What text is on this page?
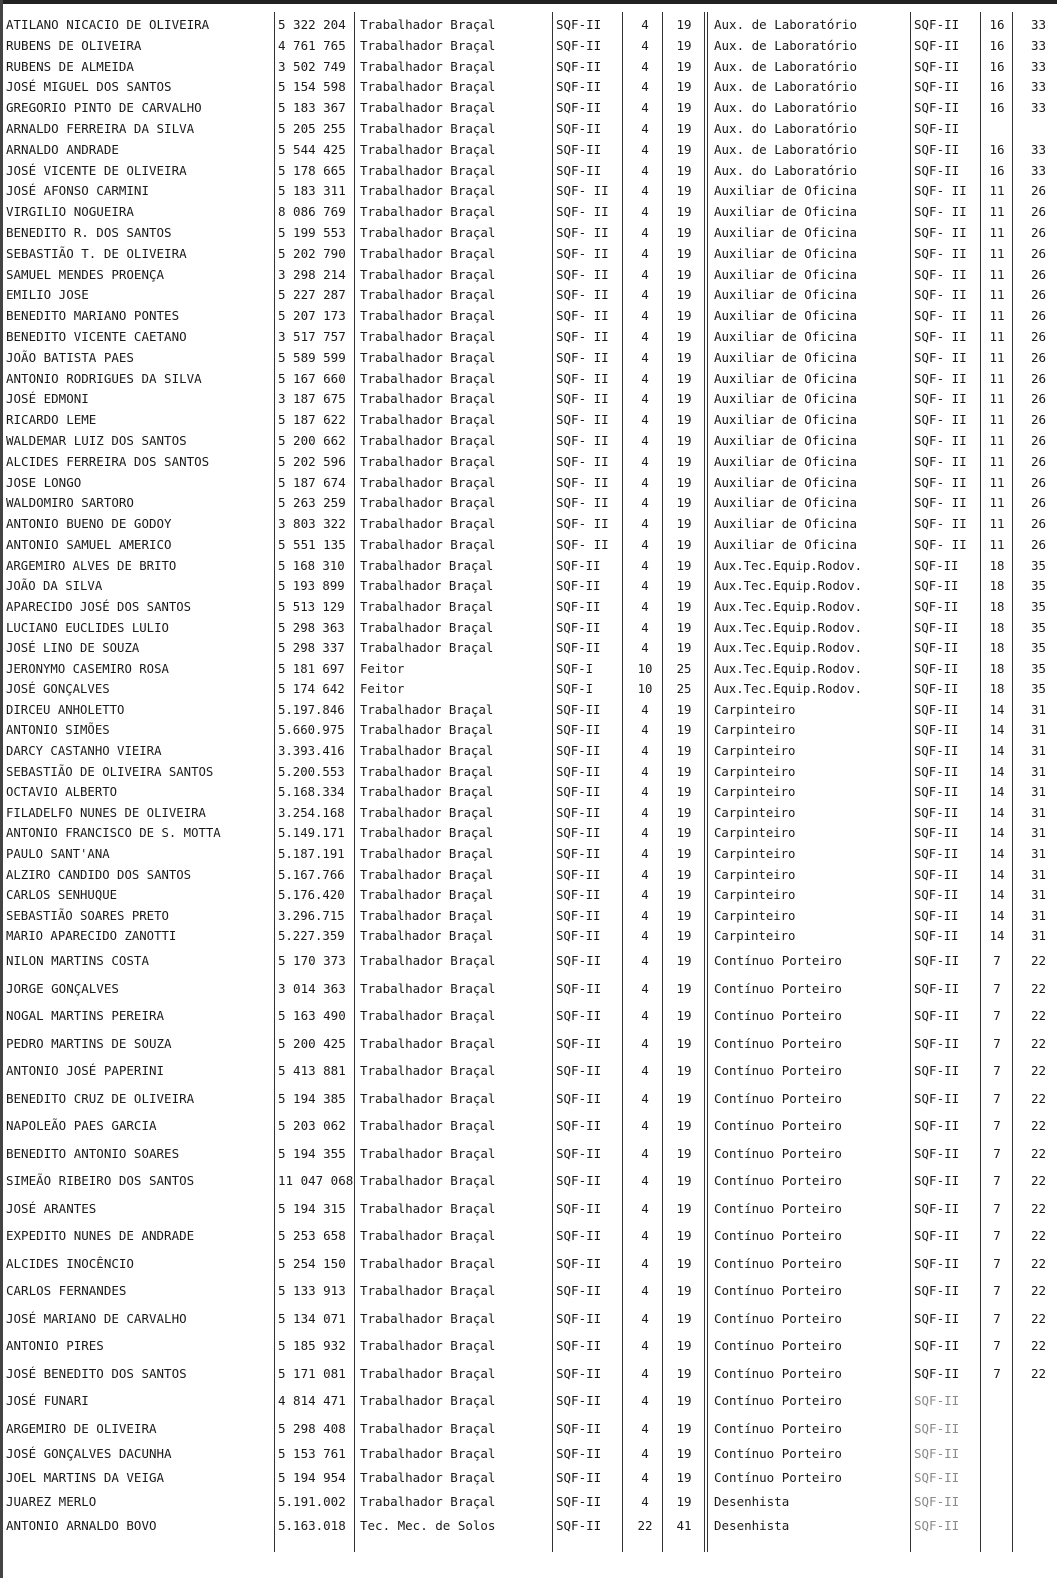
ATILANO NICACIO DE OLIVEIRA	5 322 204	Trabalhador Braçal	SQF-II	4	19	Aux. de Laboratório	SQF-II	16	33
RUBENS DE OLIVEIRA	4 761 765	Trabalhador Braçal	SQF-II	4	19	Aux. de Laboratório	SQF-II	16	33
RUBENS DE ALMEIDA	3 502 749	Trabalhador Braçal	SQF-II	4	19	Aux. de Laboratório	SQF-II	16	33
JOSÉ MIGUEL DOS SANTOS	5 154 598	Trabalhador Braçal	SQF-II	4	19	Aux. de Laboratório	SQF-II	16	33
GREGORIO PINTO DE CARVALHO	5 183 367	Trabalhador Braçal	SQF-II	4	19	Aux. do Laboratório	SQF-II	16	33
ARNALDO FERREIRA DA SILVA	5 205 255	Trabalhador Braçal	SQF-II	4	19	Aux. do Laboratório	SQF-II
ARNALDO ANDRADE	5 544 425	Trabalhador Braçal	SQF-II	4	19	Aux. de Laboratório	SQF-II	16	33
JOSÉ VICENTE DE OLIVEIRA	5 178 665	Trabalhador Braçal	SQF-II	4	19	Aux. do Laboratório	SQF-II	16	33
JOSÉ AFONSO CARMINI	5 183 311	Trabalhador Braçal	SQF- II	4	19	Auxiliar de Oficina	SQF- II	11	26
VIRGILIO NOGUEIRA	8 086 769	Trabalhador Braçal	SQF- II	4	19	Auxiliar de Oficina	SQF- II	11	26
BENEDITO R. DOS SANTOS	5 199 553	Trabalhador Braçal	SQF- II	4	19	Auxiliar de Oficina	SQF- II	11	26
SEBASTIÃO T. DE OLIVEIRA	5 202 790	Trabalhador Braçal	SQF- II	4	19	Auxiliar de Oficina	SQF- II	11	26
SAMUEL MENDES PROENÇA	3 298 214	Trabalhador Braçal	SQF- II	4	19	Auxiliar de Oficina	SQF- II	11	26
EMILIO JOSE	5 227 287	Trabalhador Braçal	SQF- II	4	19	Auxiliar de Oficina	SQF- II	11	26
BENEDITO MARIANO PONTES	5 207 173	Trabalhador Braçal	SQF- II	4	19	Auxiliar de Oficina	SQF- II	11	26
BENEDITO VICENTE CAETANO	3 517 757	Trabalhador Braçal	SQF- II	4	19	Auxiliar de Oficina	SQF- II	11	26
JOÃO BATISTA PAES	5 589 599	Trabalhador Braçal	SQF- II	4	19	Auxiliar de Oficina	SQF- II	11	26
ANTONIO RODRIGUES DA SILVA	5 167 660	Trabalhador Braçal	SQF- II	4	19	Auxiliar de Oficina	SQF- II	11	26
JOSÉ EDMONI	3 187 675	Trabalhador Braçal	SQF- II	4	19	Auxiliar de Oficina	SQF- II	11	26
RICARDO LEME	5 187 622	Trabalhador Braçal	SQF- II	4	19	Auxiliar de Oficina	SQF- II	11	26
WALDEMAR LUIZ DOS SANTOS	5 200 662	Trabalhador Braçal	SQF- II	4	19	Auxiliar de Oficina	SQF- II	11	26
ALCIDES FERREIRA DOS SANTOS	5 202 596	Trabalhador Braçal	SQF- II	4	19	Auxiliar de Oficina	SQF- II	11	26
JOSE LONGO	5 187 674	Trabalhador Braçal	SQF- II	4	19	Auxiliar de Oficina	SQF- II	11	26
WALDOMIRO SARTORO	5 263 259	Trabalhador Braçal	SQF- II	4	19	Auxiliar de Oficina	SQF- II	11	26
ANTONIO BUENO DE GODOY	3 803 322	Trabalhador Braçal	SQF- II	4	19	Auxiliar de Oficina	SQF- II	11	26
ANTONIO SAMUEL AMERICO	5 551 135	Trabalhador Braçal	SQF- II	4	19	Auxiliar de Oficina	SQF- II	11	26
ARGEMIRO ALVES DE BRITO	5 168 310	Trabalhador Braçal	SQF-II	4	19	Aux.Tec.Equip.Rodov.	SQF-II	18	35
JOÃO DA SILVA	5 193 899	Trabalhador Braçal	SQF-II	4	19	Aux.Tec.Equip.Rodov.	SQF-II	18	35
APARECIDO JOSÉ DOS SANTOS	5 513 129	Trabalhador Braçal	SQF-II	4	19	Aux.Tec.Equip.Rodov.	SQF-II	18	35
LUCIANO EUCLIDES LULIO	5 298 363	Trabalhador Braçal	SQF-II	4	19	Aux.Tec.Equip.Rodov.	SQF-II	18	35
JOSÉ LINO DE SOUZA	5 298 337	Trabalhador Braçal	SQF-II	4	19	Aux.Tec.Equip.Rodov.	SQF-II	18	35
JERONYMO CASEMIRO ROSA	5 181 697	Feitor	SQF-I	10	25	Aux.Tec.Equip.Rodov.	SQF-II	18	35
JOSÉ GONÇALVES	5 174 642	Feitor	SQF-I	10	25	Aux.Tec.Equip.Rodov.	SQF-II	18	35
DIRCEU ANHOLETTO	5.197.846	Trabalhador Braçal	SQF-II	4	19	Carpinteiro	SQF-II	14	31
ANTONIO SIMÕES	5.660.975	Trabalhador Braçal	SQF-II	4	19	Carpinteiro	SQF-II	14	31
DARCY CASTANHO VIEIRA	3.393.416	Trabalhador Braçal	SQF-II	4	19	Carpinteiro	SQF-II	14	31
SEBASTIÃO DE OLIVEIRA SANTOS	5.200.553	Trabalhador Braçal	SQF-II	4	19	Carpinteiro	SQF-II	14	31
OCTAVIO ALBERTO	5.168.334	Trabalhador Braçal	SQF-II	4	19	Carpinteiro	SQF-II	14	31
FILADELFO NUNES DE OLIVEIRA	3.254.168	Trabalhador Braçal	SQF-II	4	19	Carpinteiro	SQF-II	14	31
ANTONIO FRANCISCO DE S. MOTTA	5.149.171	Trabalhador Braçal	SQF-II	4	19	Carpinteiro	SQF-II	14	31
PAULO SANT'ANA	5.187.191	Trabalhador Braçal	SQF-II	4	19	Carpinteiro	SQF-II	14	31
ALZIRO CANDIDO DOS SANTOS	5.167.766	Trabalhador Braçal	SQF-II	4	19	Carpinteiro	SQF-II	14	31
CARLOS SENHUQUE	5.176.420	Trabalhador Braçal	SQF-II	4	19	Carpinteiro	SQF-II	14	31
SEBASTIÃO SOARES PRETO	3.296.715	Trabalhador Braçal	SQF-II	4	19	Carpinteiro	SQF-II	14	31
MARIO APARECIDO ZANOTTI	5.227.359	Trabalhador Braçal	SQF-II	4	19	Carpinteiro	SQF-II	14	31
NILON MARTINS COSTA	5 170 373	Trabalhador Braçal	SQF-II	4	19	Contínuo Porteiro	SQF-II	7	22
JORGE GONÇALVES	3 014 363	Trabalhador Braçal	SQF-II	4	19	Contínuo Porteiro	SQF-II	7	22
NOGAL MARTINS PEREIRA	5 163 490	Trabalhador Braçal	SQF-II	4	19	Contínuo Porteiro	SQF-II	7	22
PEDRO MARTINS DE SOUZA	5 200 425	Trabalhador Braçal	SQF-II	4	19	Contínuo Porteiro	SQF-II	7	22
ANTONIO JOSÉ PAPERINI	5 413 881	Trabalhador Braçal	SQF-II	4	19	Contínuo Porteiro	SQF-II	7	22
BENEDITO CRUZ DE OLIVEIRA	5 194 385	Trabalhador Braçal	SQF-II	4	19	Contínuo Porteiro	SQF-II	7	22
NAPOLEÃO PAES GARCIA	5 203 062	Trabalhador Braçal	SQF-II	4	19	Contínuo Porteiro	SQF-II	7	22
BENEDITO ANTONIO SOARES	5 194 355	Trabalhador Braçal	SQF-II	4	19	Contínuo Porteiro	SQF-II	7	22
SIMEÃO RIBEIRO DOS SANTOS	11 047 068 Trabalhador Braçal	SQF-II	4	19	Contínuo Porteiro	SQF-II	7	22
JOSÉ ARANTES	5 194 315	Trabalhador Braçal	SQF-II	4	19	Contínuo Porteiro	SQF-II	7	22
EXPEDITO NUNES DE ANDRADE	5 253 658	Trabalhador Braçal	SQF-II	4	19	Contínuo Porteiro	SQF-II	7	22
ALCIDES INOCÊNCIO	5 254 150	Trabalhador Braçal	SQF-II	4	19	Contínuo Porteiro	SQF-II	7	22
CARLOS FERNANDES	5 133 913	Trabalhador Braçal	SQF-II	4	19	Contínuo Porteiro	SQF-II	7	22
JOSÉ MARIANO DE CARVALHO	5 134 071	Trabalhador Braçal	SQF-II	4	19	Contínuo Porteiro	SQF-II	7	22
ANTONIO PIRES	5 185 932	Trabalhador Braçal	SQF-II	4	19	Contínuo Porteiro	SQF-II	7	22
JOSÉ BENEDITO DOS SANTOS	5 171 081	Trabalhador Braçal	SQF-II	4	19	Contínuo Porteiro	SQF-II	7	22
JOSÉ FUNARI	4 814 471	Trabalhador Braçal	SQF-II	4	19	Contínuo Porteiro	SQF-II
ARGEMIRO DE OLIVEIRA	5 298 408	Trabalhador Braçal	SQF-II	4	19	Contínuo Porteiro	SQF-II
JOSÉ GONÇALVES DACUNHA	5 153 761	Trabalhador Braçal	SQF-II	4	19	Contínuo Porteiro	SQF-II
JOEL MARTINS DA VEIGA	5 194 954	Trabalhador Braçal	SQF-II	4	19	Contínuo Porteiro	SQF-II
JUAREZ MERLO	5.191.002	Trabalhador Braçal	SQF-II	4	19	Desenhista	SQF-II
ANTONIO ARNALDO BOVO	5.163.018	Tec. Mec. de Solos	SQF-II	22	41	Desenhista	SQF-II
